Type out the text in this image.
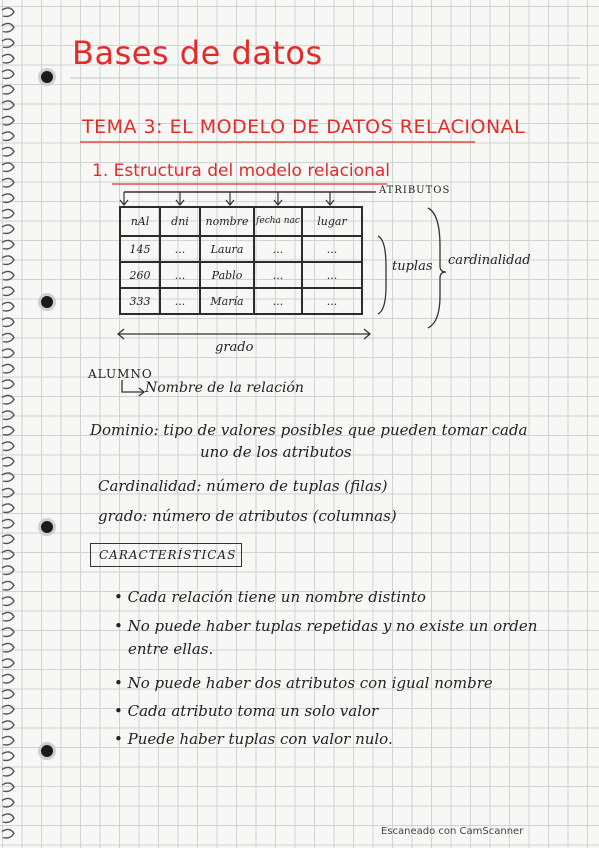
Bases de datos
TEMA 3: EL MODELO DE DATOS RELACIONAL
1. Estructura del modelo relacional
ATRIBUTOS
nAl	dni	nombre	fecha nac	lugar
145	...	Laura	...	...
260	...	Pablo	...	...
333	...	María	...	...
tuplas cardinalidad
grado
ALUMNO
Nombre de la relación
Dominio: tipo de valores posibles que pueden tomar cada
uno de los atributos
Cardinalidad: número de tuplas (filas)
grado: número de atributos (columnas)
CARACTERÍSTICAS
• Cada relación tiene un nombre distinto
• No puede haber tuplas repetidas y no existe un orden
entre ellas.
• No puede haber dos atributos con igual nombre
• Cada atributo toma un solo valor
• Puede haber tuplas con valor nulo.
Escaneado con CamScanner
